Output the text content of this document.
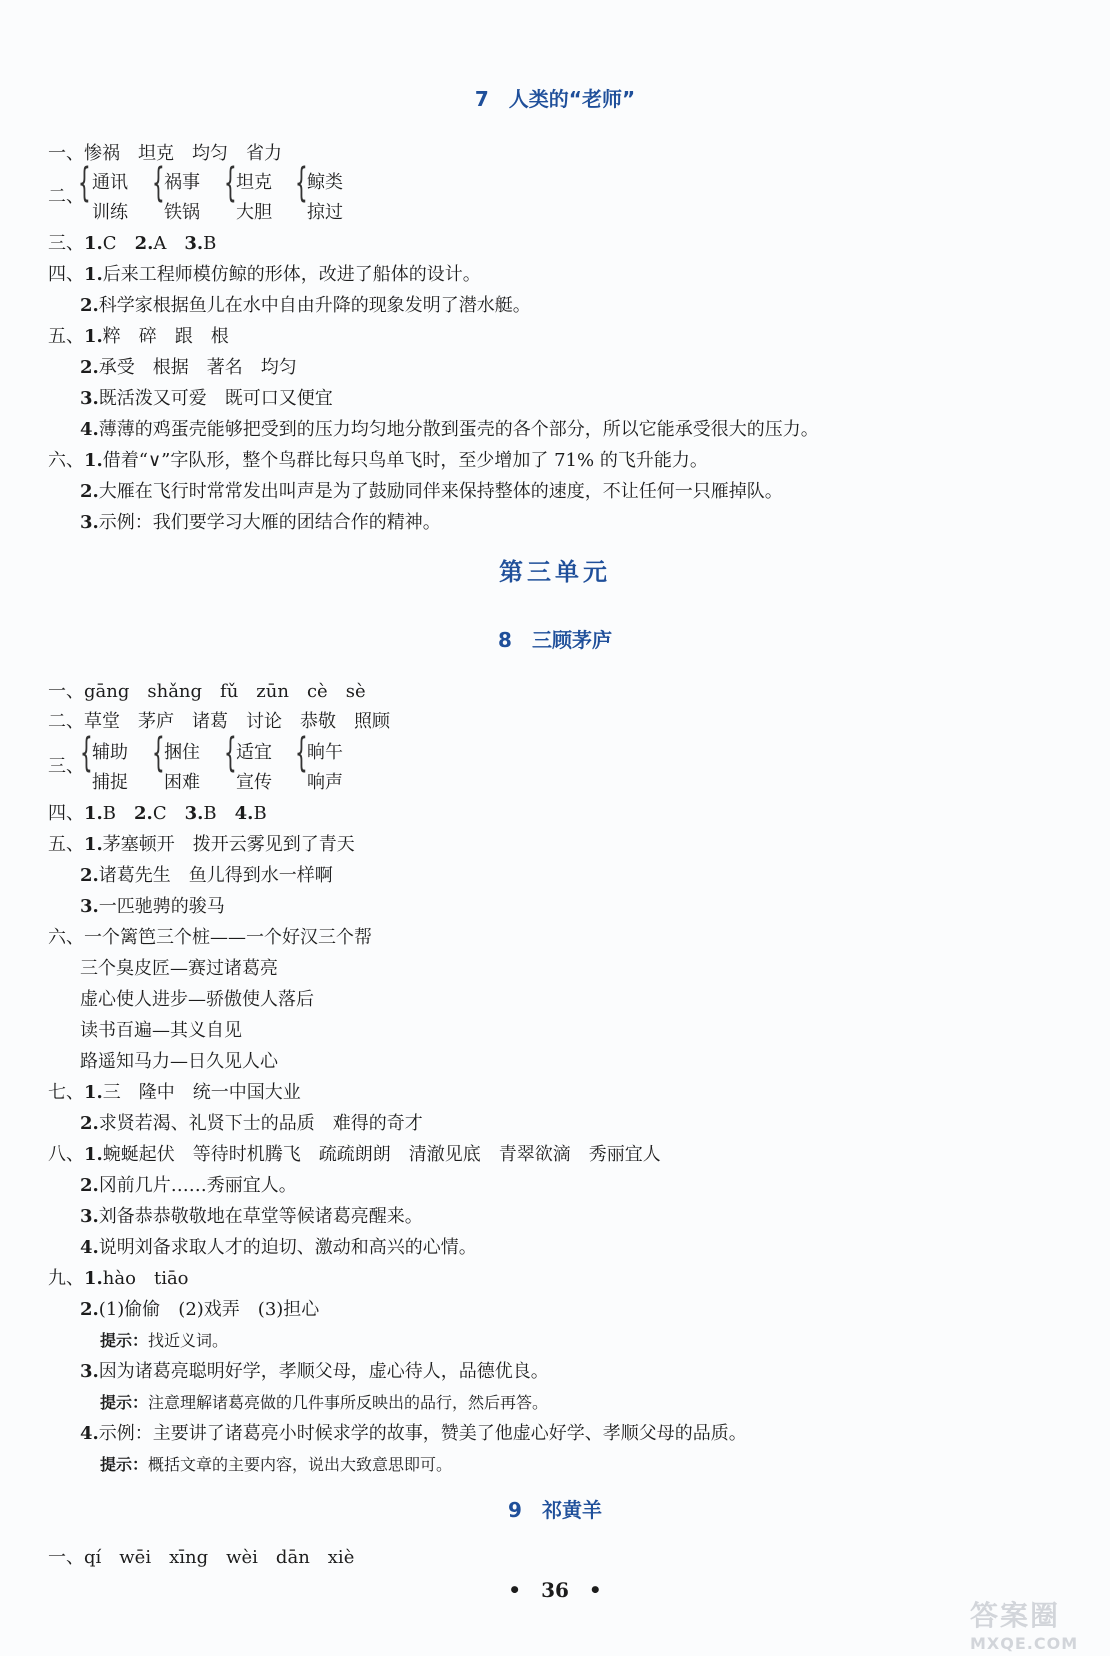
7　人类的“老师”
一、惨祸　坦克　均匀　省力
二、
{ 通讯
训练
{ 祸事
铁锅
{ 坦克
大胆
{ 鲸类
掠过
三、1.C　 2.A　 3.B
四、1.后来工程师模仿鲸的形体，改进了船体的设计。
2.科学家根据鱼儿在水中自由升降的现象发明了潜水艇。
五、1.粹　碎　跟　根
2.承受　根据　著名　均匀
3.既活泼又可爱　既可口又便宜
4.薄薄的鸡蛋壳能够把受到的压力均匀地分散到蛋壳的各个部分，所以它能承受很大的压力。
六、1.借着“∨”字队形，整个鸟群比每只鸟单飞时，至少增加了 71% 的飞升能力。
2.大雁在飞行时常常发出叫声是为了鼓励同伴来保持整体的速度，不让任何一只雁掉队。
3.示例：我们要学习大雁的团结合作的精神。
第三单元
8　三顾茅庐
一、gāng　shǎng　fǔ　zūn　cè　sè
二、草堂　茅庐　诸葛　讨论　恭敬　照顾
三、
{ 辅助
捕捉
{ 捆住
困难
{ 适宜
宣传
{ 晌午
响声
四、1.B　 2.C　 3.B　 4.B
五、1.茅塞顿开　拨开云雾见到了青天
2.诸葛先生　鱼儿得到水一样啊
3.一匹驰骋的骏马
六、一个篱笆三个桩——一个好汉三个帮
三个臭皮匠—赛过诸葛亮
虚心使人进步—骄傲使人落后
读书百遍—其义自见
路遥知马力—日久见人心
七、1.三　隆中　统一中国大业
2.求贤若渴、礼贤下士的品质　难得的奇才
八、1.蜿蜒起伏　等待时机腾飞　疏疏朗朗　清澈见底　青翠欲滴　秀丽宜人
2.冈前几片……秀丽宜人。
3.刘备恭恭敬敬地在草堂等候诸葛亮醒来。
4.说明刘备求取人才的迫切、激动和高兴的心情。
九、1.hào　tiāo
2.(1)偷偷　(2)戏弄　(3)担心
提示：找近义词。
3.因为诸葛亮聪明好学，孝顺父母，虚心待人，品德优良。
提示：注意理解诸葛亮做的几件事所反映出的品行，然后再答。
4.示例：主要讲了诸葛亮小时候求学的故事，赞美了他虚心好学、孝顺父母的品质。
提示：概括文章的主要内容，说出大致意思即可。
9　祁黄羊
一、qí　wēi　xīng　wèi　dān　xiè
•　36　•
答案圈
MXQE.COM
